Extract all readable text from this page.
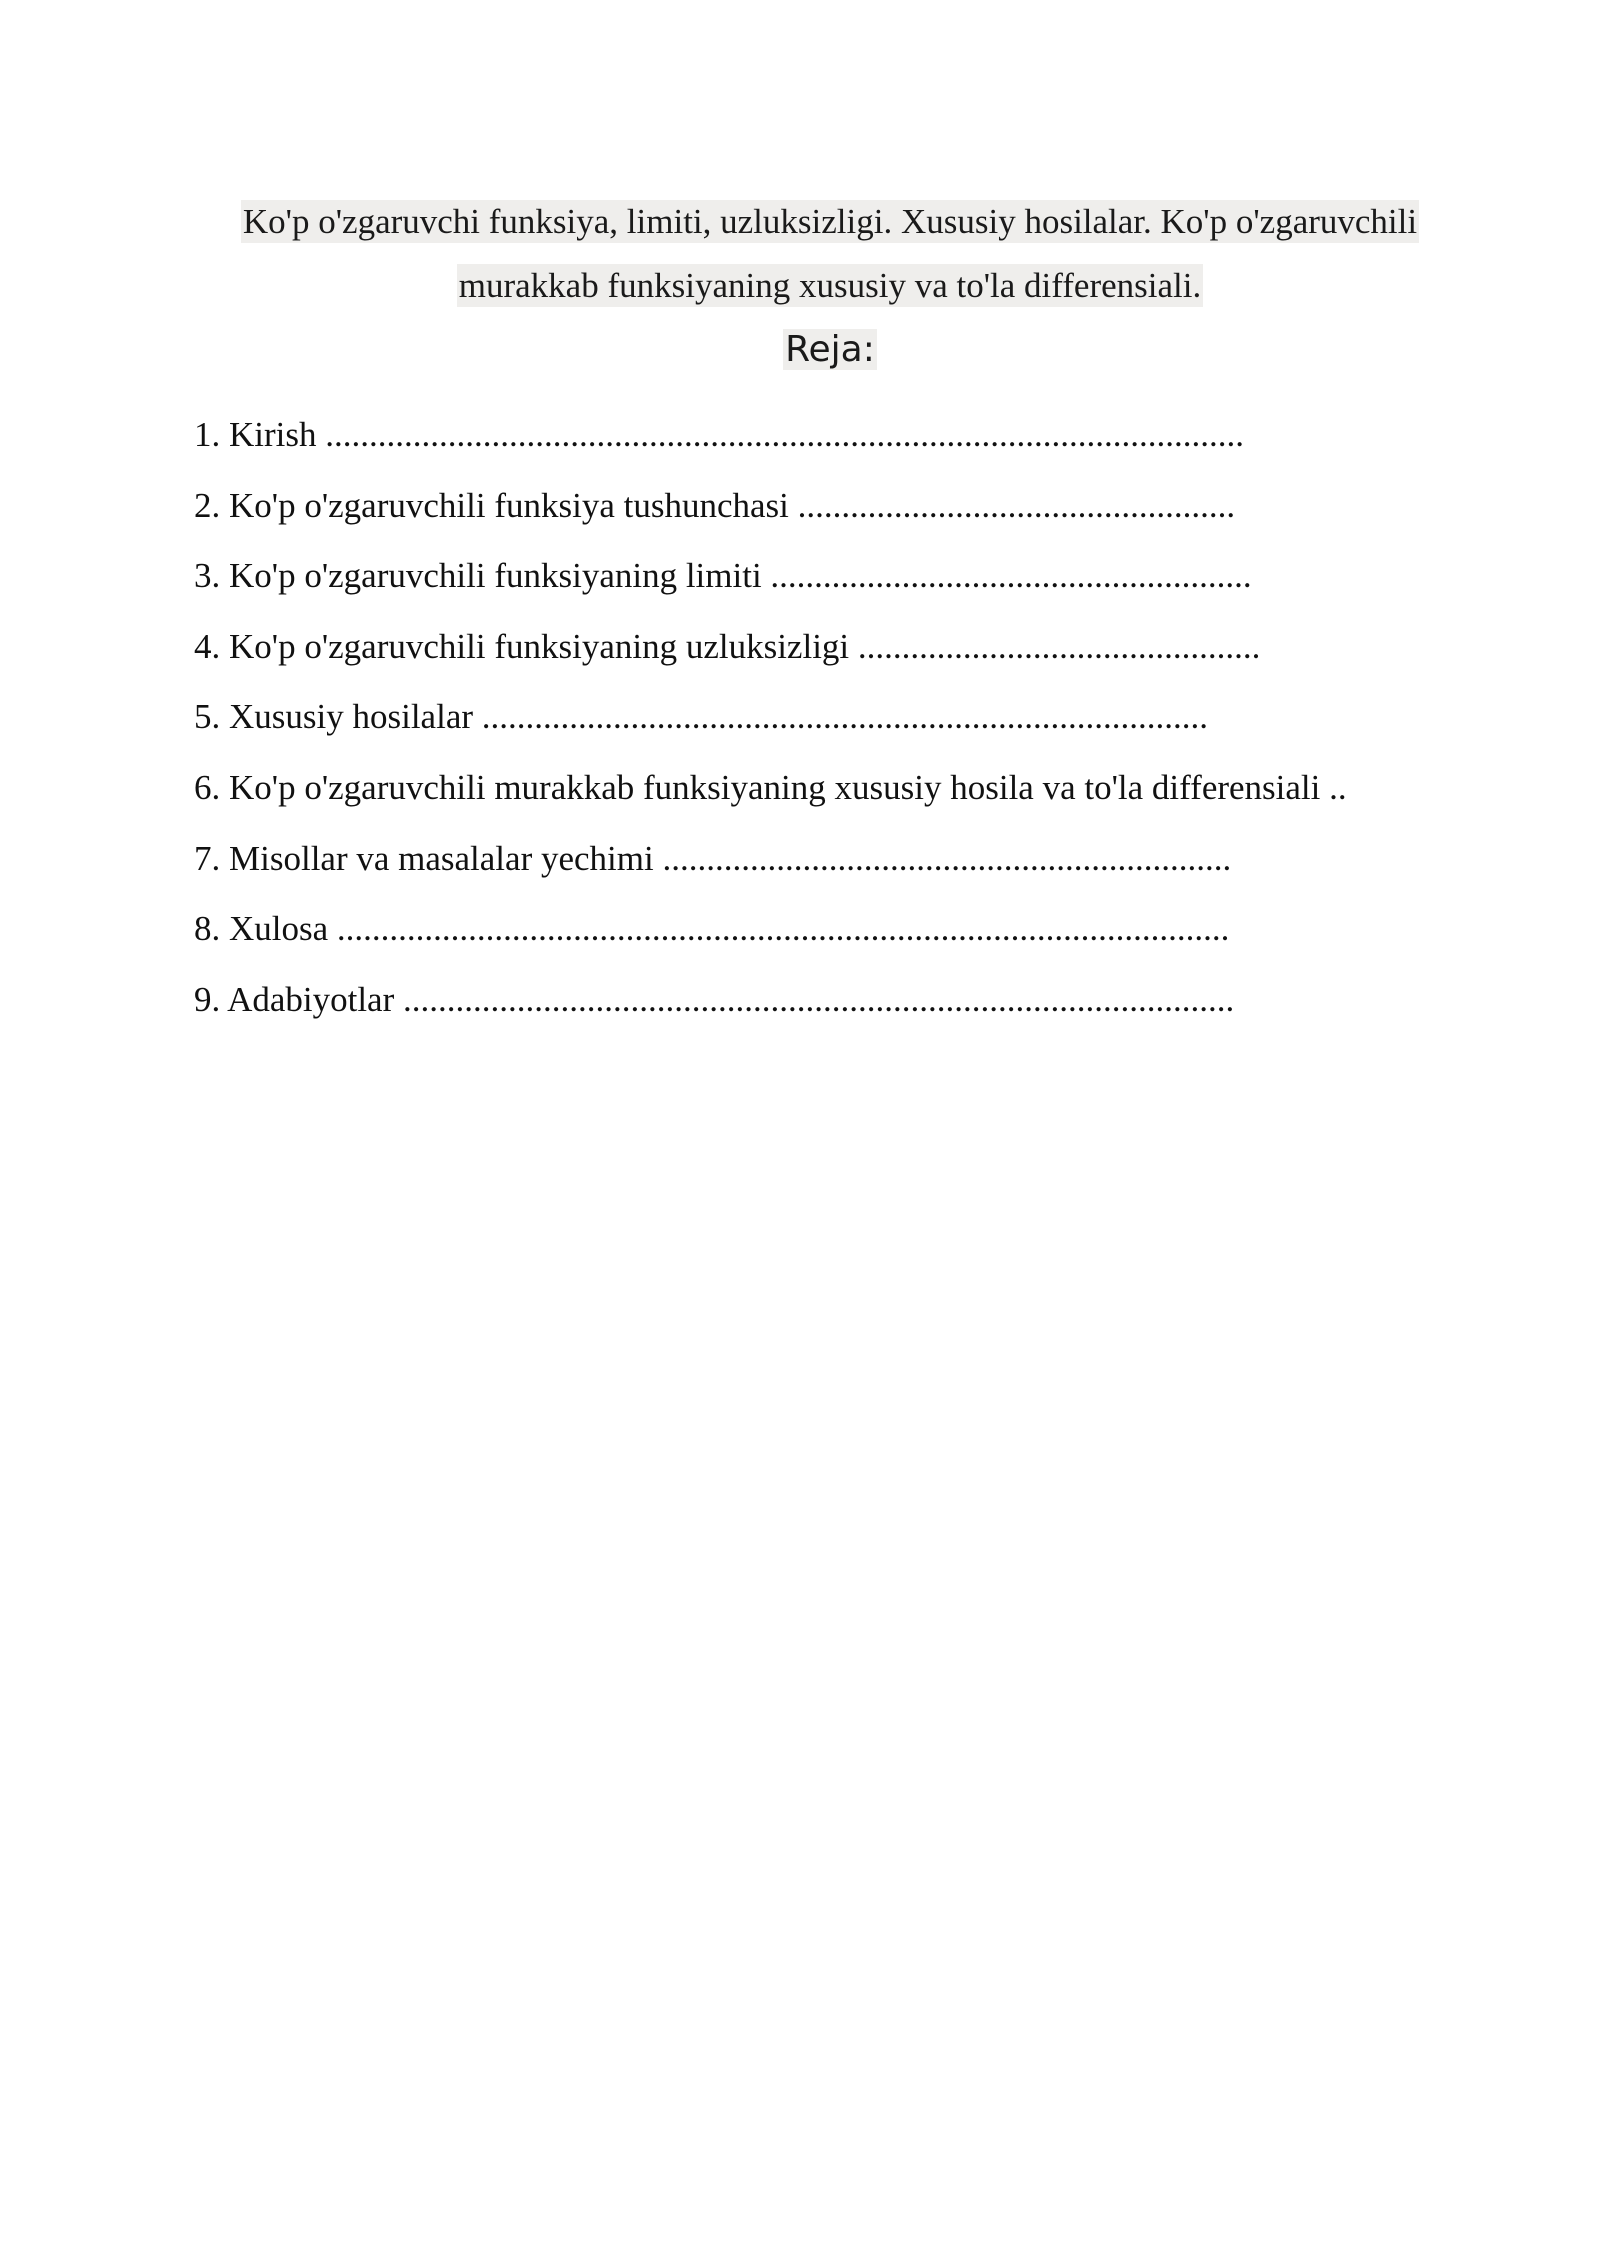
Ko'p o'zgaruvchi funksiya, limiti, uzluksizligi. Xususiy hosilalar. Ko'p o'zgaruvchili
murakkab funksiyaning xususiy va to'la differensiali.
Reja:
1. Kirish .........................................................................................................
2. Ko'p o'zgaruvchili funksiya tushunchasi ..................................................
3. Ko'p o'zgaruvchili funksiyaning limiti .......................................................
4. Ko'p o'zgaruvchili funksiyaning uzluksizligi ..............................................
5. Xususiy hosilalar ...................................................................................
6. Ko'p o'zgaruvchili murakkab funksiyaning xususiy hosila va to'la differensiali ..
7. Misollar va masalalar yechimi .................................................................
8. Xulosa ......................................................................................................
9. Adabiyotlar ...............................................................................................
